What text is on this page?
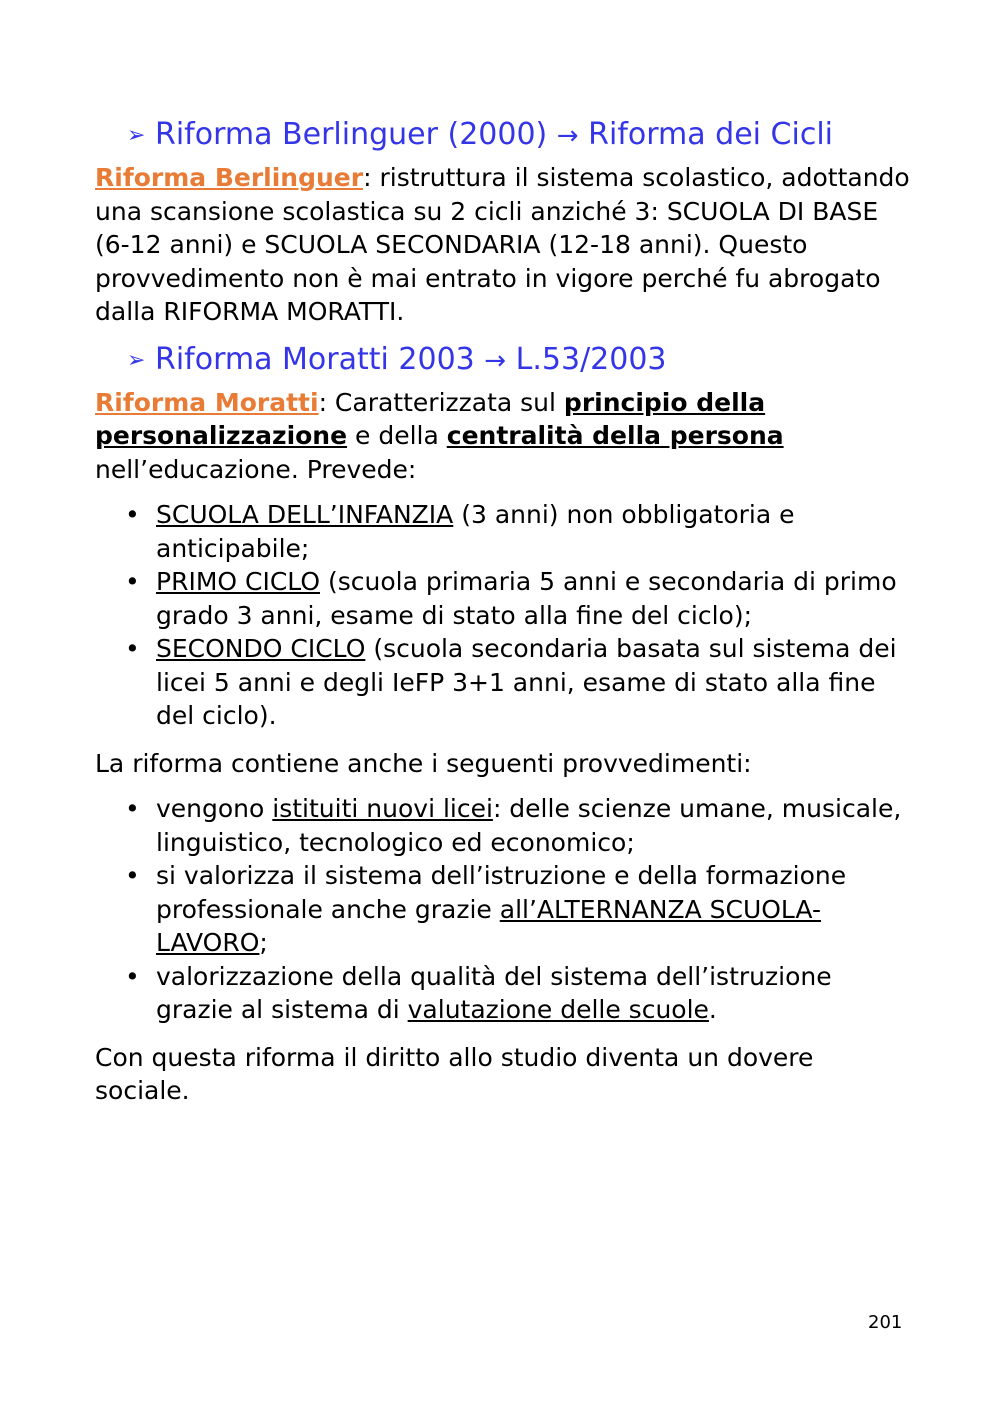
➢ Riforma Berlinguer (2000) → Riforma dei Cicli

Riforma Berlinguer: ristruttura il sistema scolastico, adottando una scansione scolastica su 2 cicli anziché 3: SCUOLA DI BASE (6-12 anni) e SCUOLA SECONDARIA (12-18 anni). Questo provvedimento non è mai entrato in vigore perché fu abrogato dalla RIFORMA MORATTI.

➢ Riforma Moratti 2003 → L.53/2003

Riforma Moratti: Caratterizzata sul principio della personalizzazione e della centralità della persona nell’educazione. Prevede:

• SCUOLA DELL’INFANZIA (3 anni) non obbligatoria e anticipabile;
• PRIMO CICLO (scuola primaria 5 anni e secondaria di primo grado 3 anni, esame di stato alla fine del ciclo);
• SECONDO CICLO (scuola secondaria basata sul sistema dei licei 5 anni e degli IeFP 3+1 anni, esame di stato alla fine del ciclo).

La riforma contiene anche i seguenti provvedimenti:

• vengono istituiti nuovi licei: delle scienze umane, musicale, linguistico, tecnologico ed economico;
• si valorizza il sistema dell’istruzione e della formazione professionale anche grazie all’ALTERNANZA SCUOLA-LAVORO;
• valorizzazione della qualità del sistema dell’istruzione grazie al sistema di valutazione delle scuole.

Con questa riforma il diritto allo studio diventa un dovere sociale.

201
